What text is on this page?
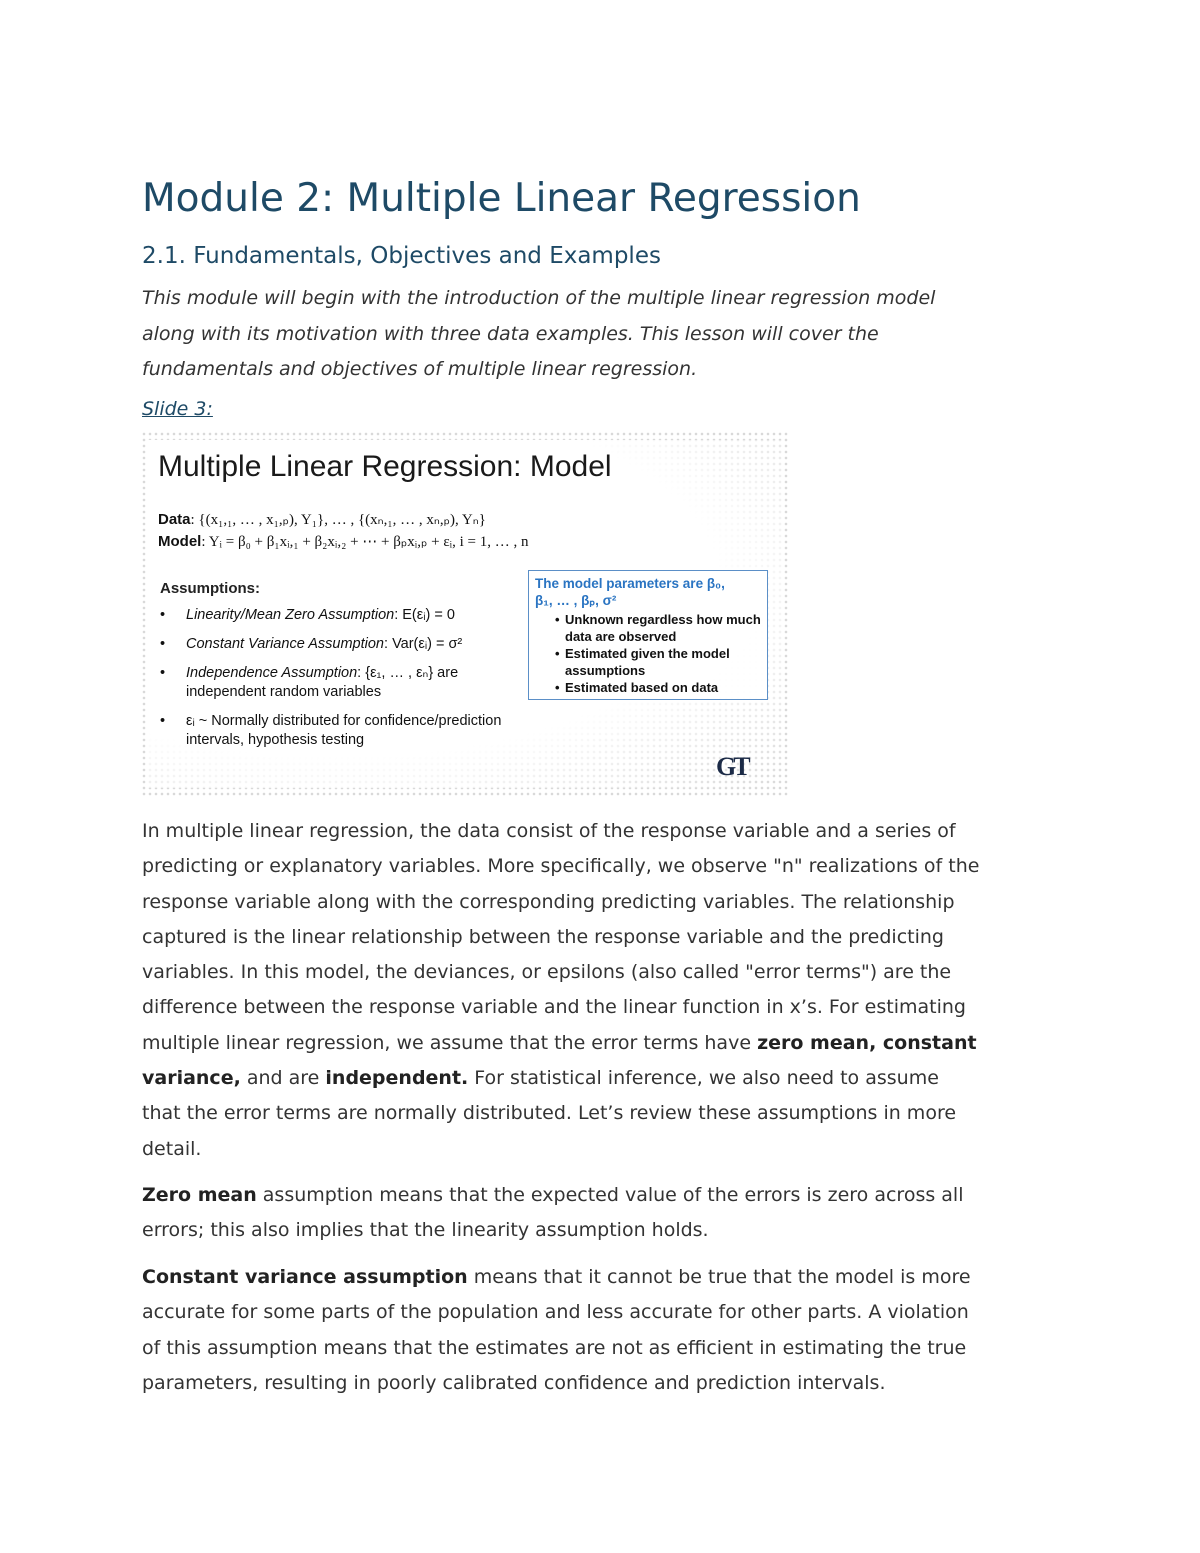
Module 2: Multiple Linear Regression
2.1. Fundamentals, Objectives and Examples
This module will begin with the introduction of the multiple linear regression model
along with its motivation with three data examples. This lesson will cover the
fundamentals and objectives of multiple linear regression.
Slide 3:
Multiple Linear Regression: Model
Data: {(x₁,₁, … , x₁,ₚ), Y₁}, … , {(xₙ,₁, … , xₙ,ₚ), Yₙ}
Model: Yᵢ = β₀ + β₁xᵢ,₁ + β₂xᵢ,₂ + ⋯ + βₚxᵢ,ₚ + εᵢ, i = 1, … , n
Assumptions:
• Linearity/Mean Zero Assumption: E(εᵢ) = 0
• Constant Variance Assumption: Var(εᵢ) = σ²
• Independence Assumption: {ε₁, … , εₙ} are independent random variables
• εᵢ ~ Normally distributed for confidence/prediction intervals, hypothesis testing
The model parameters are β₀,
β₁, … , βₚ, σ²
• Unknown regardless how much data are observed
• Estimated given the model assumptions
• Estimated based on data
GT
In multiple linear regression, the data consist of the response variable and a series of
predicting or explanatory variables. More specifically, we observe "n" realizations of the
response variable along with the corresponding predicting variables. The relationship
captured is the linear relationship between the response variable and the predicting
variables. In this model, the deviances, or epsilons (also called "error terms") are the
difference between the response variable and the linear function in x’s. For estimating
multiple linear regression, we assume that the error terms have zero mean, constant
variance, and are independent. For statistical inference, we also need to assume
that the error terms are normally distributed. Let’s review these assumptions in more
detail.
Zero mean assumption means that the expected value of the errors is zero across all
errors; this also implies that the linearity assumption holds.
Constant variance assumption means that it cannot be true that the model is more
accurate for some parts of the population and less accurate for other parts. A violation
of this assumption means that the estimates are not as efficient in estimating the true
parameters, resulting in poorly calibrated confidence and prediction intervals.
